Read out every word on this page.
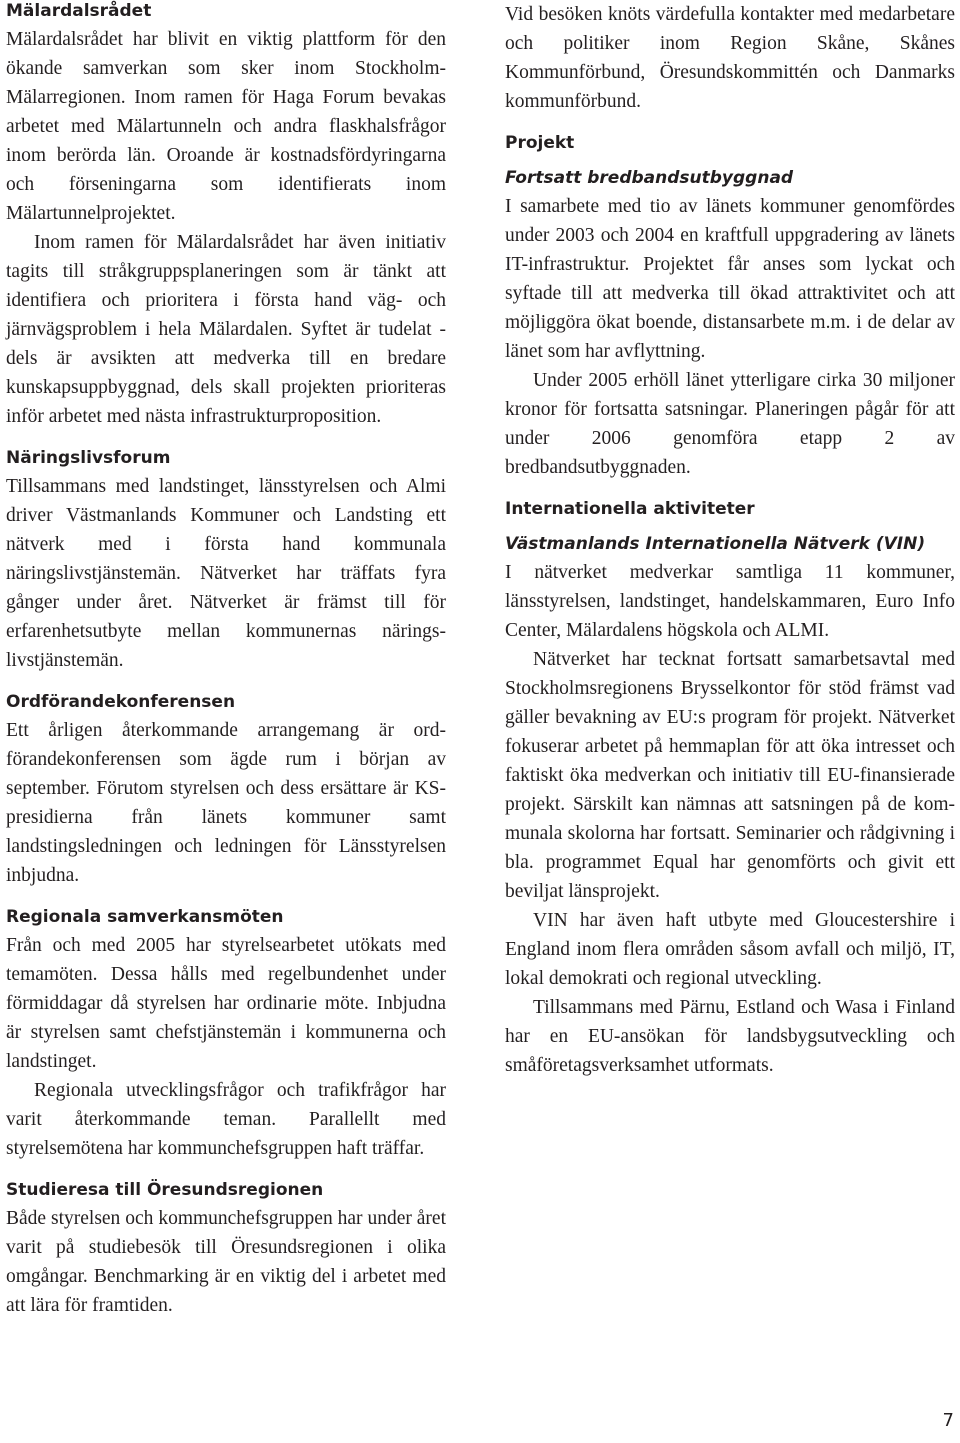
Mälardalsrådet

Mälardalsrådet har blivit en viktig plattform för den ökande samverkan som sker inom Stockholm-Mälarregionen. Inom ramen för Haga Forum bevakas arbetet med Mälartunneln och andra flaskhalsfrågor inom berörda län. Oroande är kostnadsfördyringarna och förseningarna som identifierats inom Mälartunnelprojektet.

Inom ramen för Mälardalsrådet har även initiativ tagits till stråkgruppsplaneringen som är tänkt att identifiera och prioritera i första hand väg- och järnvägsproblem i hela Mälardalen. Syftet är tudelat - dels är avsikten att medverka till en bredare kunskapsuppbyggnad, dels skall projekten prioriteras inför arbetet med nästa infrastrukturproposition.

Näringslivsforum

Tillsammans med landstinget, länsstyrelsen och Almi driver Västmanlands Kommuner och Landsting ett nätverk med i första hand kommunala näringslivstjänstemän. Nätverket har träffats fyra gånger under året. Nätverket är främst till för erfarenhetsutbyte mellan kommunernas näringslivstjänstemän.

Ordförandekonferensen

Ett årligen återkommande arrangemang är ordförandekonferensen som ägde rum i början av september. Förutom styrelsen och dess ersättare är KS-presidierna från länets kommuner samt landstingsledningen och ledningen för Länsstyrelsen inbjudna.

Regionala samverkansmöten

Från och med 2005 har styrelsearbetet utökats med temamöten. Dessa hålls med regelbundenhet under förmiddagar då styrelsen har ordinarie möte. Inbjudna är styrelsen samt chefstjänstemän i kommunerna och landstinget.

Regionala utvecklingsfrågor och trafikfrågor har varit återkommande teman. Parallellt med styrelsemötena har kommunchefsgruppen haft träffar.

Studieresa till Öresundsregionen

Både styrelsen och kommunchefsgruppen har under året varit på studiebesök till Öresundsregionen i olika omgångar. Benchmarking är en viktig del i arbetet med att lära för framtiden.

Vid besöken knöts värdefulla kontakter med medarbetare och politiker inom Region Skåne, Skånes Kommunförbund, Öresundskommittén och Danmarks kommunförbund.

Projekt
Fortsatt bredbandsutbyggnad

I samarbete med tio av länets kommuner genomfördes under 2003 och 2004 en kraftfull uppgradering av länets IT-infrastruktur. Projektet får anses som lyckat och syftade till att medverka till ökad attraktivitet och att möjliggöra ökat boende, distansarbete m.m. i de delar av länet som har avflyttning.

Under 2005 erhöll länet ytterligare cirka 30 miljoner kronor för fortsatta satsningar. Planeringen pågår för att under 2006 genomföra etapp 2 av bredbandsutbyggnaden.

Internationella aktiviteter
Västmanlands Internationella Nätverk (VIN)

I nätverket medverkar samtliga 11 kommuner, länsstyrelsen, landstinget, handelskammaren, Euro Info Center, Mälardalens högskola och ALMI.

Nätverket har tecknat fortsatt samarbetsavtal med Stockholmsregionens Brysselkontor för stöd främst vad gäller bevakning av EU:s program för projekt. Nätverket fokuserar arbetet på hemmaplan för att öka intresset och faktiskt öka medverkan och initiativ till EU-finansierade projekt. Särskilt kan nämnas att satsningen på de kommunala skolorna har fortsatt. Seminarier och rådgivning i bla. programmet Equal har genomförts och givit ett beviljat länsprojekt.

VIN har även haft utbyte med Gloucestershire i England inom flera områden såsom avfall och miljö, IT, lokal demokrati och regional utveckling.

Tillsammans med Pärnu, Estland och Wasa i Finland har en EU-ansökan för landsbygsutveckling och småföretagsverksamhet utformats.

7
